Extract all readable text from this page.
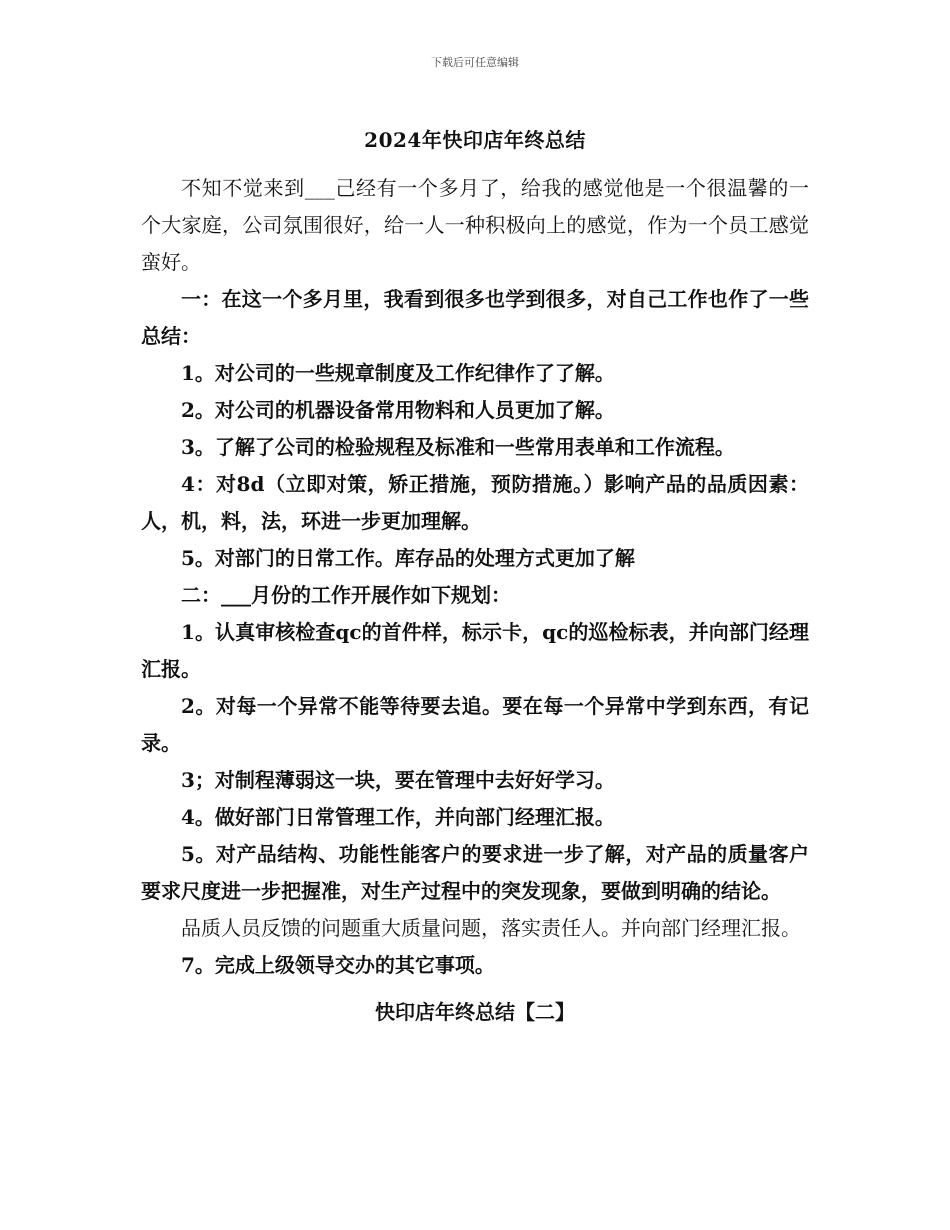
下载后可任意编辑
2024年快印店年终总结

不知不觉来到___己经有一个多月了，给我的感觉他是一个很温馨的一个大家庭，公司氛围很好，给一人一种积极向上的感觉，作为一个员工感觉蛮好。

一：在这一个多月里，我看到很多也学到很多，对自己工作也作了一些总结：

1。对公司的一些规章制度及工作纪律作了了解。

2。对公司的机器设备常用物料和人员更加了解。

3。了解了公司的检验规程及标准和一些常用表单和工作流程。

4：对8d（立即对策，矫正措施，预防措施。）影响产品的品质因素：人，机，料，法，环进一步更加理解。

5。对部门的日常工作。库存品的处理方式更加了解

二：___月份的工作开展作如下规划：

1。认真审核检查qc的首件样，标示卡，qc的巡检标表，并向部门经理汇报。

2。对每一个异常不能等待要去追。要在每一个异常中学到东西，有记录。

3；对制程薄弱这一块，要在管理中去好好学习。

4。做好部门日常管理工作，并向部门经理汇报。

5。对产品结构、功能性能客户的要求进一步了解，对产品的质量客户要求尺度进一步把握准，对生产过程中的突发现象，要做到明确的结论。

品质人员反馈的问题重大质量问题，落实责任人。并向部门经理汇报。

7。完成上级领导交办的其它事项。

快印店年终总结【二】
